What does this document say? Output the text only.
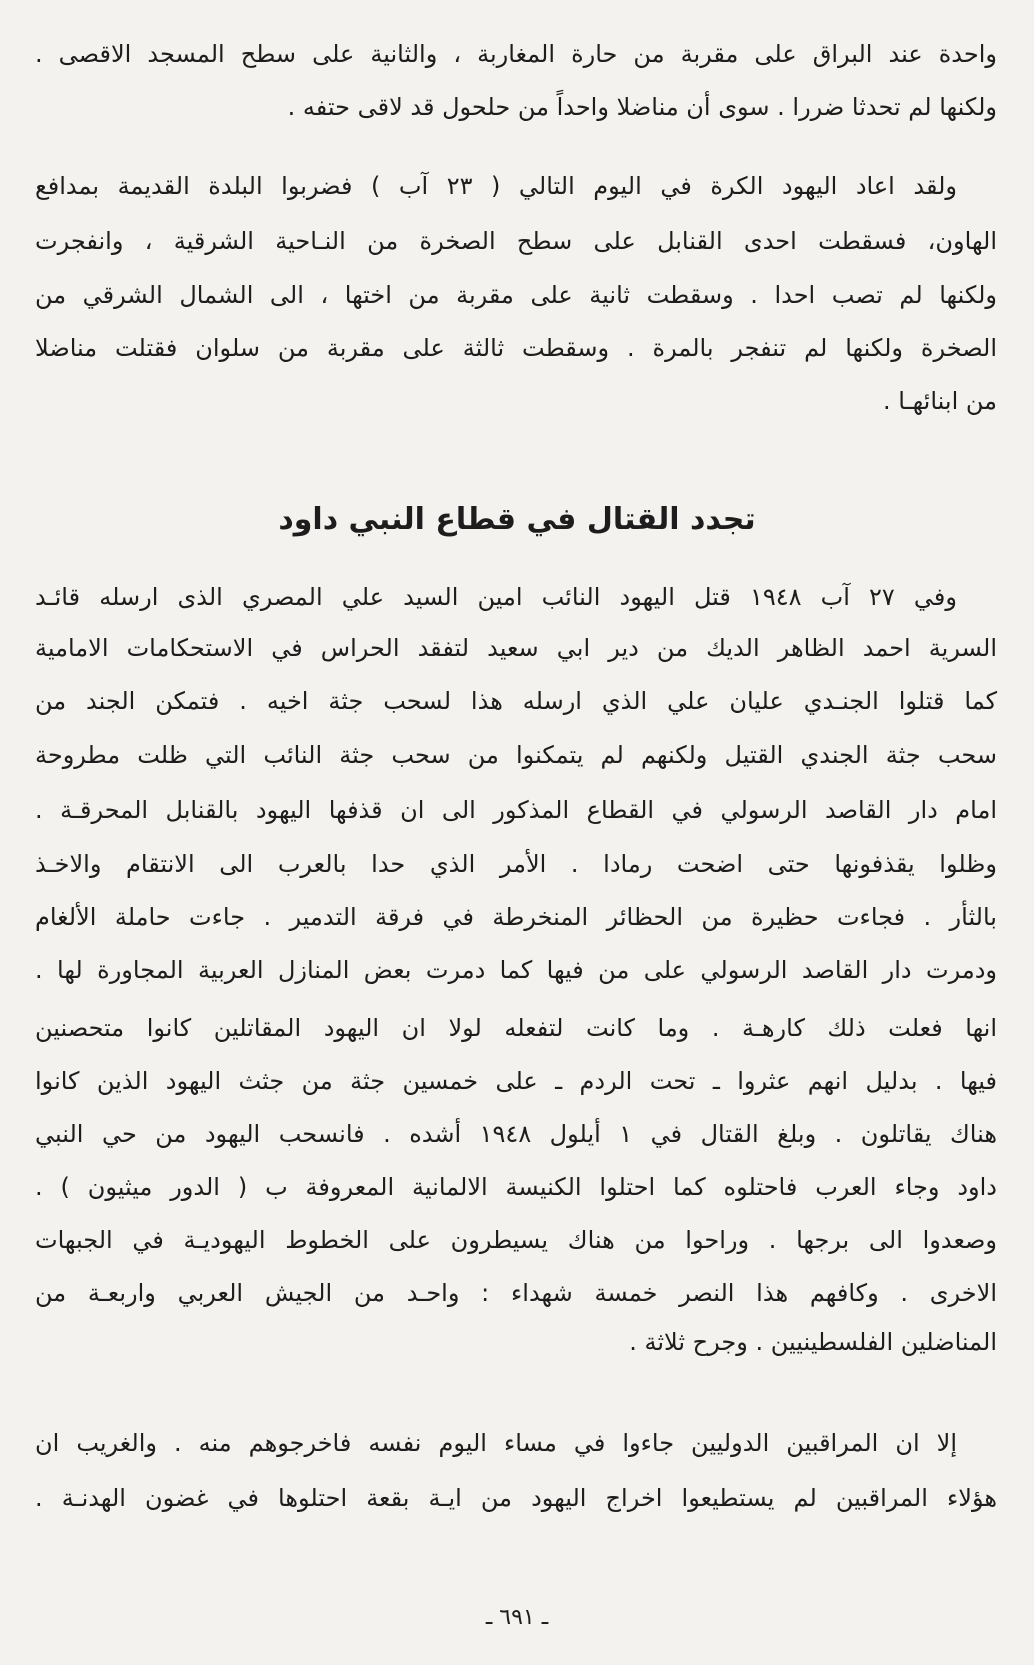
واحدة عند البراق على مقربة من حارة المغاربة ، والثانية على سطح المسجد الاقصى .
ولكنها لم تحدثا ضررا . سوى أن مناضلا واحداً من حلحول قد لاقى حتفه .
ولقد اعاد اليهود الكرة في اليوم التالي ( ٢٣ آب ) فضربوا البلدة القديمة بمدافع
الهاون، فسقطت احدى القنابل على سطح الصخرة من النـاحية الشرقية ، وانفجرت
ولكنها لم تصب احدا . وسقطت ثانية على مقربة من اختها ، الى الشمال الشرقي من
الصخرة ولكنها لم تنفجر بالمرة . وسقطت ثالثة على مقربة من سلوان فقتلت مناضلا
من ابنائهـا .
تجدد القتال في قطاع النبي داود
وفي ٢٧ آب ١٩٤٨ قتل اليهود النائب امين السيد علي المصري الذى ارسله قائـد
السرية احمد الظاهر الديك من دير ابي سعيد لتفقد الحراس في الاستحكامات الامامية
كما قتلوا الجنـدي عليان علي الذي ارسله هذا لسحب جثة اخيه . فتمكن الجند من
سحب جثة الجندي القتيل ولكنهم لم يتمكنوا من سحب جثة النائب التي ظلت مطروحة
امام دار القاصد الرسولي في القطاع المذكور الى ان قذفها اليهود بالقنابل المحرقـة .
وظلوا يقذفونها حتى اضحت رمادا . الأمر الذي حدا بالعرب الى الانتقام والاخـذ
بالثأر . فجاءت حظيرة من الحظائر المنخرطة في فرقة التدمير . جاءت حاملة الألغام
ودمرت دار القاصد الرسولي على من فيها كما دمرت بعض المنازل العربية المجاورة لها .
انها فعلت ذلك كارهـة . وما كانت لتفعله لولا ان اليهود المقاتلين كانوا متحصنين
فيها . بدليل انهم عثروا ـ تحت الردم ـ على خمسين جثة من جثث اليهود الذين كانوا
هناك يقاتلون . وبلغ القتال في ١ أيلول ١٩٤٨ أشده . فانسحب اليهود من حي النبي
داود وجاء العرب فاحتلوه كما احتلوا الكنيسة الالمانية المعروفة ب ( الدور ميثيون ) .
وصعدوا الى برجها . وراحوا من هناك يسيطرون على الخطوط اليهوديـة في الجبهات
الاخرى . وكافهم هذا النصر خمسة شهداء : واحـد من الجيش العربي واربعـة من
المناضلين الفلسطينيين . وجرح ثلاثة .
إلا ان المراقبين الدوليين جاءوا في مساء اليوم نفسه فاخرجوهم منه . والغريب ان
هؤلاء المراقبين لم يستطيعوا اخراج اليهود من ايـة بقعة احتلوها في غضون الهدنـة .
ـ ٦٩١ ـ
